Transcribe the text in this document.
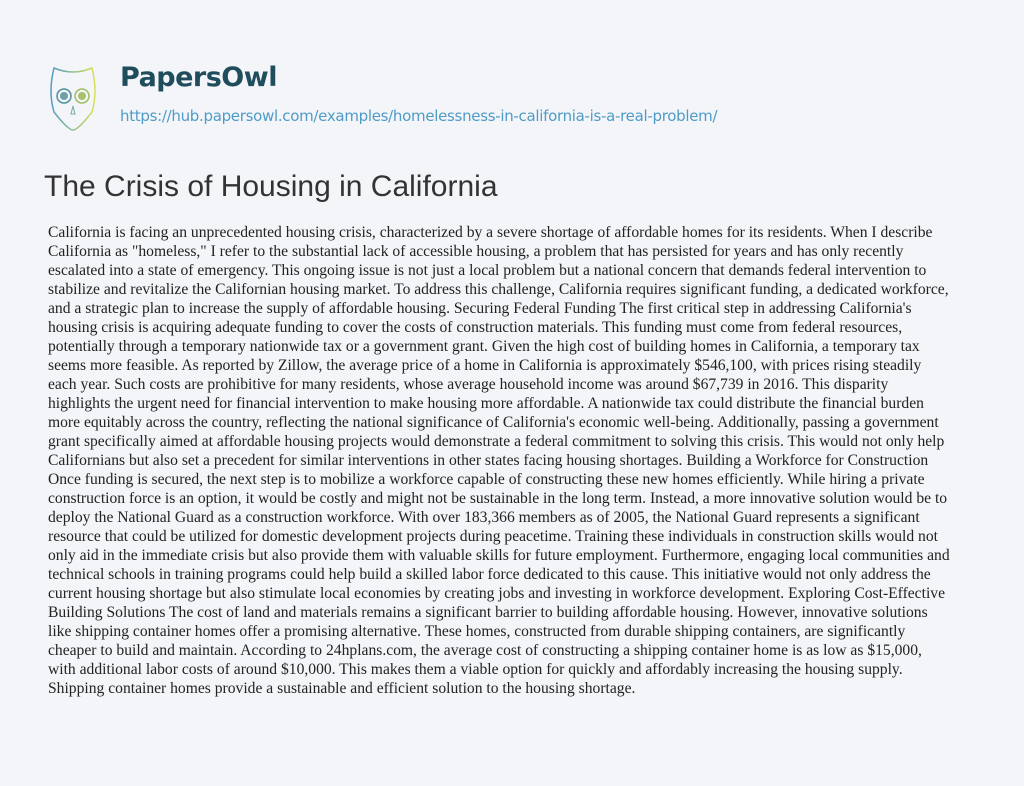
PapersOwl
https://hub.papersowl.com/examples/homelessness-in-california-is-a-real-problem/
The Crisis of Housing in California
California is facing an unprecedented housing crisis, characterized by a severe shortage of affordable homes for its residents. When I describe
California as "homeless," I refer to the substantial lack of accessible housing, a problem that has persisted for years and has only recently
escalated into a state of emergency. This ongoing issue is not just a local problem but a national concern that demands federal intervention to
stabilize and revitalize the Californian housing market. To address this challenge, California requires significant funding, a dedicated workforce,
and a strategic plan to increase the supply of affordable housing. Securing Federal Funding The first critical step in addressing California's
housing crisis is acquiring adequate funding to cover the costs of construction materials. This funding must come from federal resources,
potentially through a temporary nationwide tax or a government grant. Given the high cost of building homes in California, a temporary tax
seems more feasible. As reported by Zillow, the average price of a home in California is approximately $546,100, with prices rising steadily
each year. Such costs are prohibitive for many residents, whose average household income was around $67,739 in 2016. This disparity
highlights the urgent need for financial intervention to make housing more affordable. A nationwide tax could distribute the financial burden
more equitably across the country, reflecting the national significance of California's economic well-being. Additionally, passing a government
grant specifically aimed at affordable housing projects would demonstrate a federal commitment to solving this crisis. This would not only help
Californians but also set a precedent for similar interventions in other states facing housing shortages. Building a Workforce for Construction
Once funding is secured, the next step is to mobilize a workforce capable of constructing these new homes efficiently. While hiring a private
construction force is an option, it would be costly and might not be sustainable in the long term. Instead, a more innovative solution would be to
deploy the National Guard as a construction workforce. With over 183,366 members as of 2005, the National Guard represents a significant
resource that could be utilized for domestic development projects during peacetime. Training these individuals in construction skills would not
only aid in the immediate crisis but also provide them with valuable skills for future employment. Furthermore, engaging local communities and
technical schools in training programs could help build a skilled labor force dedicated to this cause. This initiative would not only address the
current housing shortage but also stimulate local economies by creating jobs and investing in workforce development. Exploring Cost-Effective
Building Solutions The cost of land and materials remains a significant barrier to building affordable housing. However, innovative solutions
like shipping container homes offer a promising alternative. These homes, constructed from durable shipping containers, are significantly
cheaper to build and maintain. According to 24hplans.com, the average cost of constructing a shipping container home is as low as $15,000,
with additional labor costs of around $10,000. This makes them a viable option for quickly and affordably increasing the housing supply.
Shipping container homes provide a sustainable and efficient solution to the housing shortage.
